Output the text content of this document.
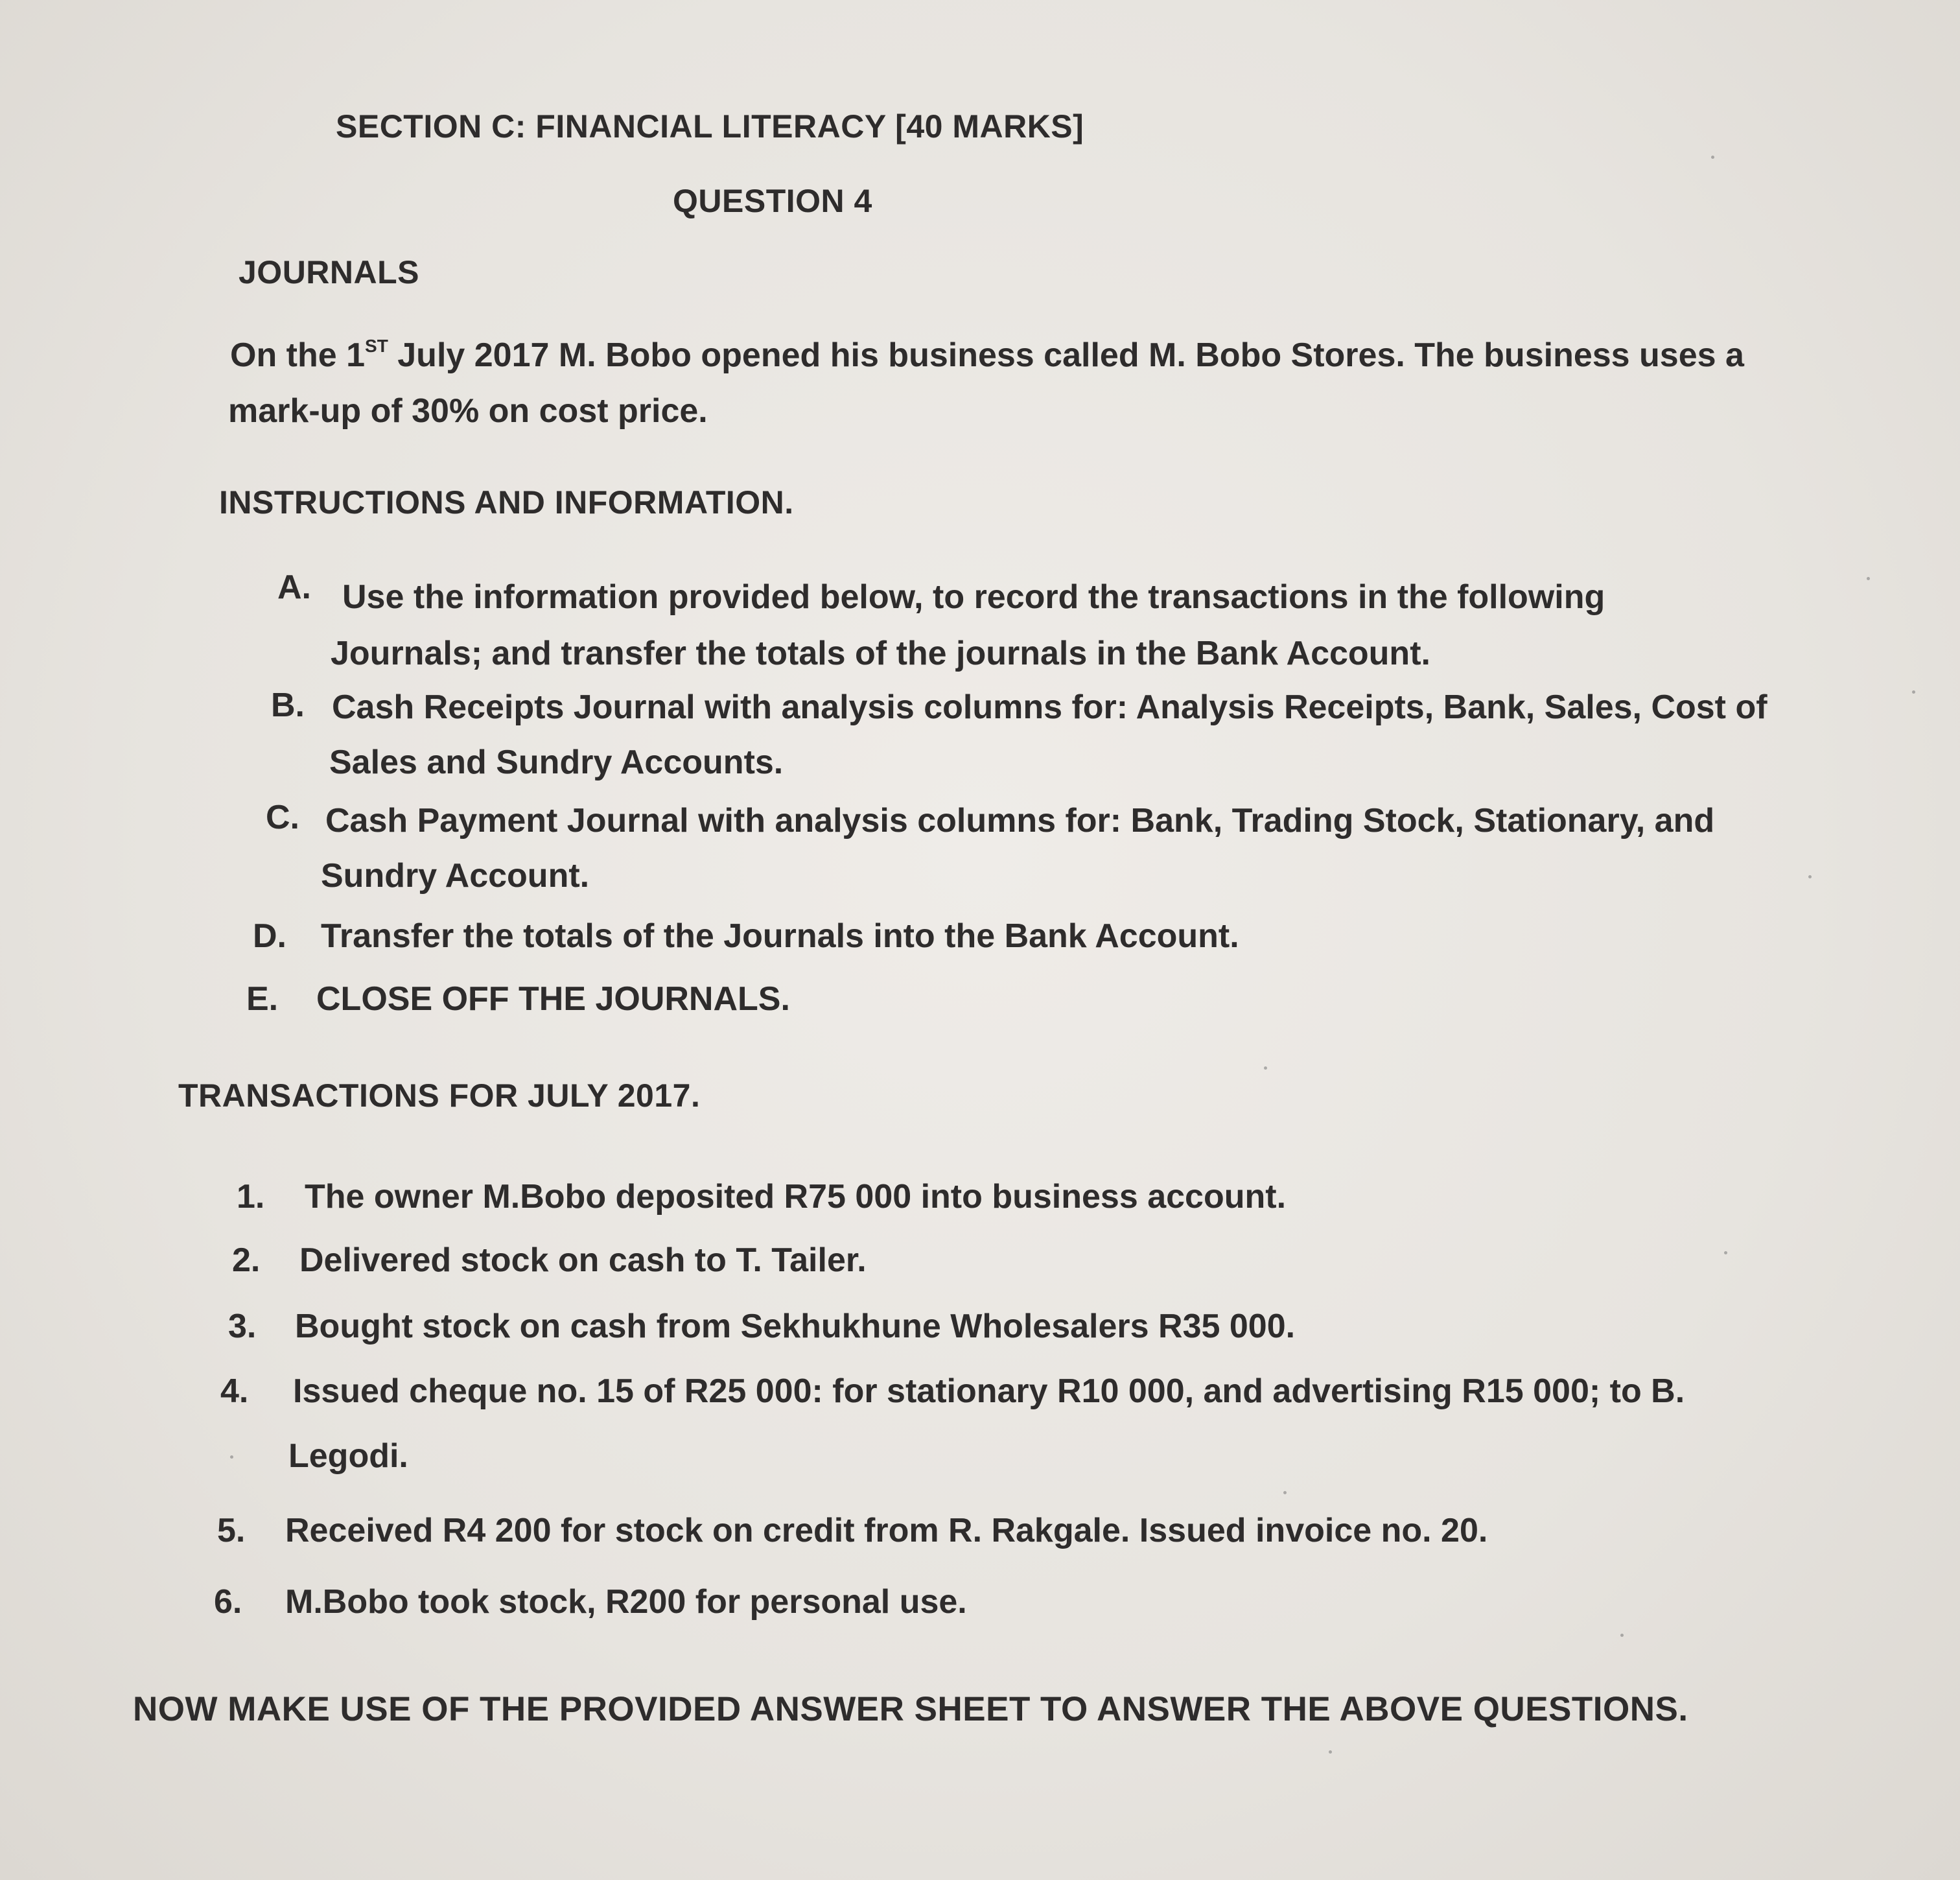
SECTION C: FINANCIAL LITERACY [40 MARKS]
QUESTION 4
JOURNALS
On the 1ST July 2017 M. Bobo opened his business called M. Bobo Stores. The business uses a
mark-up of 30% on cost price.
INSTRUCTIONS AND INFORMATION.
A. Use the information provided below, to record the transactions in the following
Journals; and transfer the totals of the journals in the Bank Account.
B. Cash Receipts Journal with analysis columns for: Analysis Receipts, Bank, Sales, Cost of
Sales and Sundry Accounts.
C. Cash Payment Journal with analysis columns for: Bank, Trading Stock, Stationary, and
Sundry Account.
D. Transfer the totals of the Journals into the Bank Account.
E. CLOSE OFF THE JOURNALS.
TRANSACTIONS FOR JULY 2017.
1. The owner M.Bobo deposited R75 000 into business account.
2. Delivered stock on cash to T. Tailer.
3. Bought stock on cash from Sekhukhune Wholesalers R35 000.
4. Issued cheque no. 15 of R25 000: for stationary R10 000, and advertising R15 000; to B.
Legodi.
5. Received R4 200 for stock on credit from R. Rakgale. Issued invoice no. 20.
6. M.Bobo took stock, R200 for personal use.
NOW MAKE USE OF THE PROVIDED ANSWER SHEET TO ANSWER THE ABOVE QUESTIONS.
